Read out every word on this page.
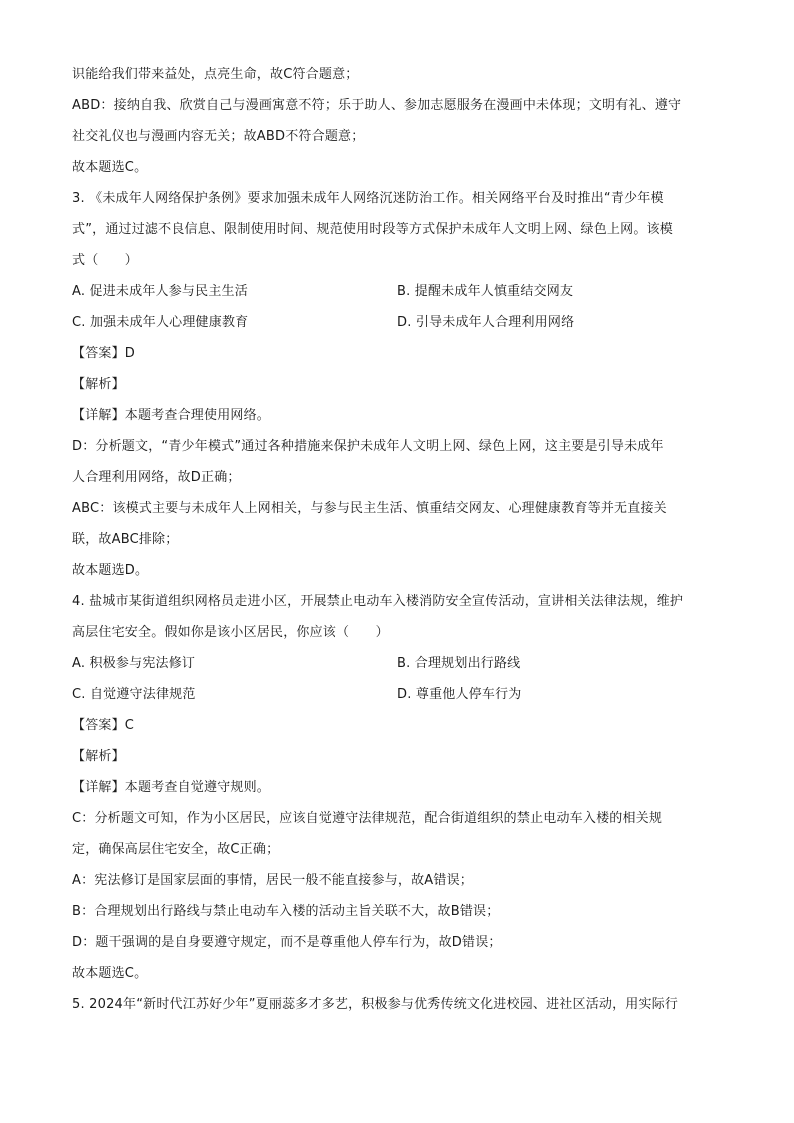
识能给我们带来益处，点亮生命，故C符合题意；
ABD：接纳自我、欣赏自己与漫画寓意不符；乐于助人、参加志愿服务在漫画中未体现；文明有礼、遵守
社交礼仪也与漫画内容无关；故ABD不符合题意；
故本题选C。
3. 《未成年人网络保护条例》要求加强未成年人网络沉迷防治工作。相关网络平台及时推出“青少年模
式”，通过过滤不良信息、限制使用时间、规范使用时段等方式保护未成年人文明上网、绿色上网。该模
式（　　）
A. 促进未成年人参与民主生活	B. 提醒未成年人慎重结交网友
C. 加强未成年人心理健康教育	D. 引导未成年人合理利用网络
【答案】D
【解析】
【详解】本题考查合理使用网络。
D：分析题文，“青少年模式”通过各种措施来保护未成年人文明上网、绿色上网，这主要是引导未成年
人合理利用网络，故D正确；
ABC：该模式主要与未成年人上网相关，与参与民主生活、慎重结交网友、心理健康教育等并无直接关
联，故ABC排除；
故本题选D。
4. 盐城市某街道组织网格员走进小区，开展禁止电动车入楼消防安全宣传活动，宣讲相关法律法规，维护
高层住宅安全。假如你是该小区居民，你应该（　　）
A. 积极参与宪法修订	B. 合理规划出行路线
C. 自觉遵守法律规范	D. 尊重他人停车行为
【答案】C
【解析】
【详解】本题考查自觉遵守规则。
C：分析题文可知，作为小区居民，应该自觉遵守法律规范，配合街道组织的禁止电动车入楼的相关规
定，确保高层住宅安全，故C正确；
A：宪法修订是国家层面的事情，居民一般不能直接参与，故A错误；
B：合理规划出行路线与禁止电动车入楼的活动主旨关联不大，故B错误；
D：题干强调的是自身要遵守规定，而不是尊重他人停车行为，故D错误；
故本题选C。
5. 2024年“新时代江苏好少年”夏丽蕊多才多艺，积极参与优秀传统文化进校园、进社区活动，用实际行
